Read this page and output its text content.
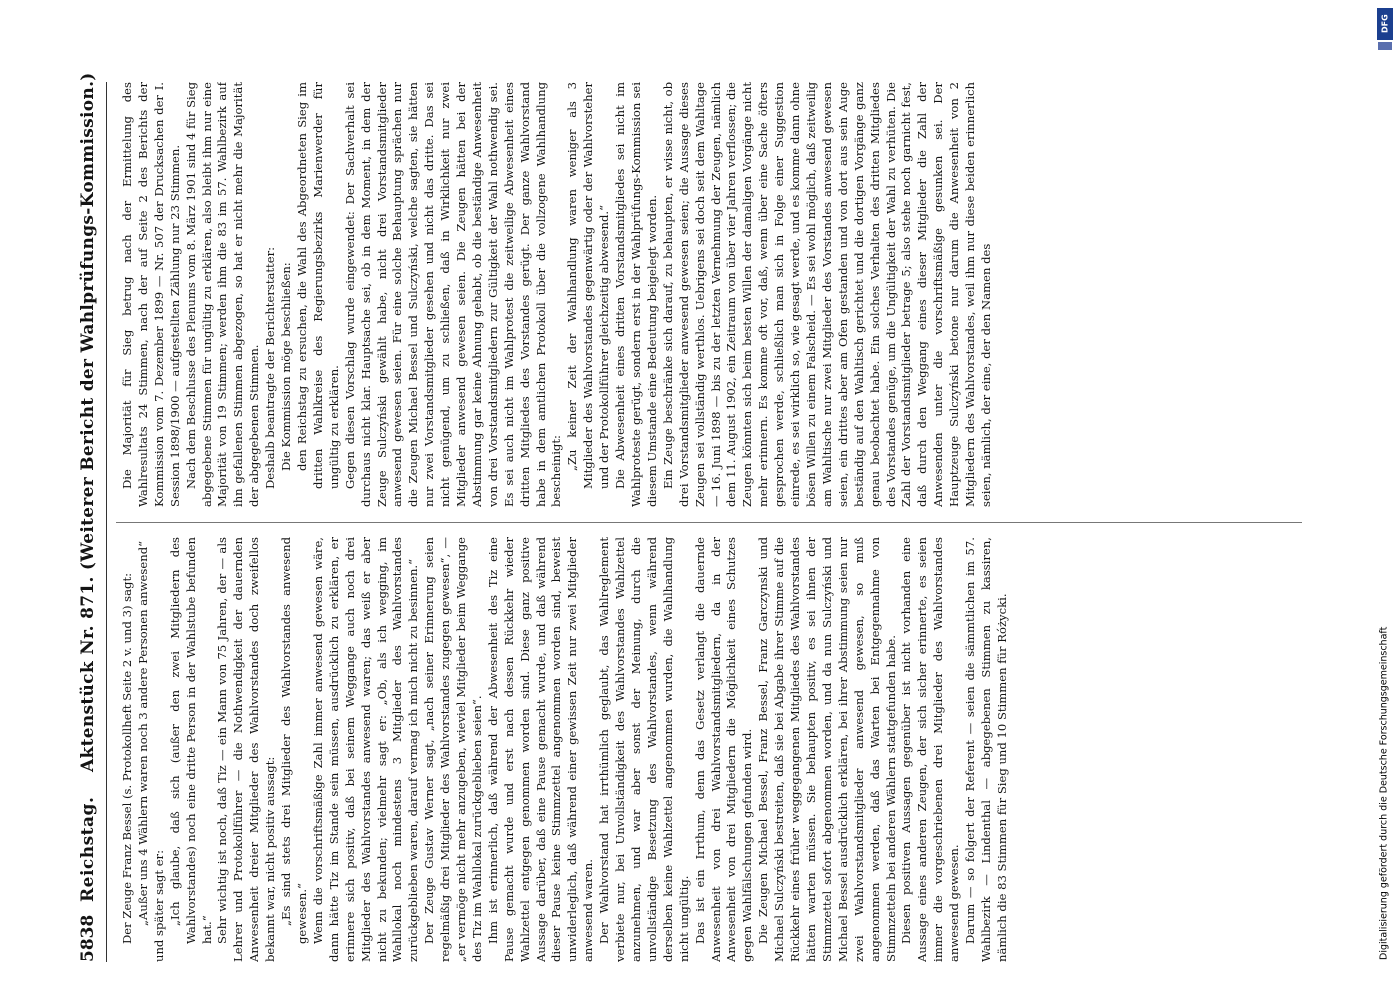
5838
Reichstag.
Aktenstück Nr. 871. (Weiterer Bericht der Wahlprüfungs-Kommission.) Der Zeuge Franz Bessel (s. Protokollheft Seite 2 v. und 3) sagt: „Außer uns 4 Wählern waren noch 3 andere Personen anwesend“ und später sagt er: „Ich glaube, daß sich (außer den zwei Mitgliedern des Wahlvorstandes) noch eine dritte Person in der Wahlstube befunden hat.“ Sehr wichtig ist noch, daß Tiz — ein Mann von 75 Jahren, der — als Lehrer und Protokollführer — die Nothwendigkeit der dauernden Anwesenheit dreier Mitglieder des Wahlvorstandes doch zweifellos bekannt war, nicht positiv aussagt: „Es sind stets drei Mitglieder des Wahlvorstandes anwesend gewesen.“ Wenn die vorschriftsmäßige Zahl immer anwesend gewesen wäre, dann hätte Tiz im Stande sein müssen, ausdrücklich zu erklären, er erinnere sich positiv, daß bei seinem Weggange auch noch drei Mitglieder des Wahlvorstandes anwesend waren; das weiß er aber nicht zu bekunden; vielmehr sagt er: „Ob, als ich wegging, im Wahllokal noch mindestens 3 Mitglieder des Wahlvorstandes zurückgeblieben waren, darauf vermag ich mich nicht zu besinnen.“ Der Zeuge Gustav Werner sagt, „nach seiner Erinnerung seien regelmäßig drei Mitglieder des Wahlvorstandes zugegen gewesen“, — „er vermöge nicht mehr anzugeben, wieviel Mitglieder beim Weggange des Tiz im Wahllokal zurückgeblieben seien“. Ihm ist erinnerlich, daß während der Abwesenheit des Tiz eine Pause gemacht wurde und erst nach dessen Rückkehr wieder Wahlzettel entgegen genommen worden sind. Diese ganz positive Aussage darüber, daß eine Pause gemacht wurde, und daß während dieser Pause keine Stimmzettel angenommen worden sind, beweist unwiderleglich, daß während einer gewissen Zeit nur zwei Mitglieder anwesend waren. Der Wahlvorstand hat irrthümlich geglaubt, das Wahlreglement verbiete nur, bei Unvollständigkeit des Wahlvorstandes Wahlzettel anzunehmen, und war aber sonst der Meinung, durch die unvollständige Besetzung des Wahlvorstandes, wenn während derselben keine Wahlzettel angenommen wurden, die Wahlhandlung nicht ungültig. Das ist ein Irrthum, denn das Gesetz verlangt die dauernde Anwesenheit von drei Wahlvorstandsmitgliedern, da in der Anwesenheit von drei Mitgliedern die Möglichkeit eines Schutzes gegen Wahlfälschungen gefunden wird. Die Zeugen Michael Bessel, Franz Bessel, Franz Garczynski und Michael Sulczyński bestreiten, daß sie bei Abgabe ihrer Stimme auf die Rückkehr eines früher weggegangenen Mitgliedes des Wahlvorstandes hätten warten müssen. Sie behaupten positiv, es sei ihnen der Stimmzettel sofort abgenommen worden, und da nun Sulczyński und Michael Bessel ausdrücklich erklären, bei ihrer Abstimmung seien nur zwei Wahlvorstandsmitglieder anwesend gewesen, so muß angenommen werden, daß das Warten bei Entgegennahme von Stimmzetteln bei anderen Wählern stattgefunden habe. Diesen positiven Aussagen gegenüber ist nicht vorhanden eine Aussage eines anderen Zeugen, der sich sicher erinnerte, es seien immer die vorgeschriebenen drei Mitglieder des Wahlvorstandes anwesend gewesen. Darum — so folgert der Referent — seien die sämmtlichen im 57. Wahlbezirk — Lindenthal — abgegebenen Stimmen zu kassiren, nämlich die 83 Stimmen für Sieg und 10 Stimmen für Różycki.

Die Majorität für Sieg betrug nach der Ermittelung des Wahlresultats 24 Stimmen, nach der auf Seite 2 des Berichts der Kommission vom 7. Dezember 1899 — Nr. 507 der Drucksachen der I. Session 1898/1900 — aufgestellten Zählung nur 23 Stimmen. Nach dem Beschlusse des Plenums vom 8. März 1901 sind 4 für Sieg abgegebene Stimmen für ungültig zu erklären, also bleibt ihm nur eine Majorität von 19 Stimmen; werden ihm die 83 im 57. Wahlbezirk auf ihn gefallenen Stimmen abgezogen, so hat er nicht mehr die Majorität der abgegebenen Stimmen. Deshalb beantragte der Berichterstatter: Die Kommission möge beschließen: den Reichstag zu ersuchen, die Wahl des Abgeordneten Sieg im dritten Wahlkreise des Regierungsbezirks Marienwerder für ungültig zu erklären. Gegen diesen Vorschlag wurde eingewendet: Der Sachverhalt sei durchaus nicht klar. Hauptsache sei, ob in dem Moment, in dem der Zeuge Sulczyński gewählt habe, nicht drei Vorstandsmitglieder anwesend gewesen seien. Für eine solche Behauptung sprächen nur die Zeugen Michael Bessel und Sulczyński, welche sagten, sie hätten nur zwei Vorstandsmitglieder gesehen und nicht das dritte. Das sei nicht genügend, um zu schließen, daß in Wirklichkeit nur zwei Mitglieder anwesend gewesen seien. Die Zeugen hätten bei der Abstimmung gar keine Ahnung gehabt, ob die beständige Anwesenheit von drei Vorstandsmitgliedern zur Gültigkeit der Wahl nothwendig sei. Es sei auch nicht im Wahlprotest die zeitweilige Abwesenheit eines dritten Mitgliedes des Vorstandes gerügt. Der ganze Wahlvorstand habe in dem amtlichen Protokoll über die vollzogene Wahlhandlung bescheinigt:

„Zu keiner Zeit der Wahlhandlung waren weniger als 3 Mitglieder des Wahlvorstandes gegenwärtig oder der Wahlvorsteher und der Protokollführer gleichzeitig abwesend.“ Die Abwesenheit eines dritten Vorstandsmitgliedes sei nicht im Wahlproteste gerügt, sondern erst in der Wahlprüfungs-Kommission sei diesem Umstande eine Bedeutung beigelegt worden. Ein Zeuge beschränke sich darauf, zu behaupten, er wisse nicht, ob drei Vorstandsmitglieder anwesend gewesen seien; die Aussage dieses Zeugen sei vollständig werthlos. Uebrigens sei doch seit dem Wahltage — 16. Juni 1898 — bis zu der letzten Vernehmung der Zeugen, nämlich dem 11. August 1902, ein Zeitraum von über vier Jahren verflossen; die Zeugen könnten sich beim besten Willen der damaligen Vorgänge nicht mehr erinnern. Es komme oft vor, daß, wenn über eine Sache öfters gesprochen werde, schließlich man sich in Folge einer Suggestion einrede, es sei wirklich so, wie gesagt werde, und es komme dann ohne bösen Willen zu einem Falscheid. — Es sei wohl möglich, daß zeitweilig am Wahltische nur zwei Mitglieder des Vorstandes anwesend gewesen seien, ein drittes aber am Ofen gestanden und von dort aus sein Auge beständig auf den Wahltisch gerichtet und die dortigen Vorgänge ganz genau beobachtet habe. Ein solches Verhalten des dritten Mitgliedes des Vorstandes genüge, um die Ungültigkeit der Wahl zu verhüten. Die Zahl der Vorstandsmitglieder betrage 5; also stehe noch garnicht fest, daß durch den Weggang eines dieser Mitglieder die Zahl der Anwesenden unter die vorschriftsmäßige gesunken sei. Der Hauptzeuge Sulczyński betone nur darum die Anwesenheit von 2 Mitgliedern des Wahlvorstandes, weil ihm nur diese beiden erinnerlich seien, nämlich, der eine, der den Namen des

DFG
Digitalisierung gefördert durch die Deutsche Forschungsgemeinschaft
